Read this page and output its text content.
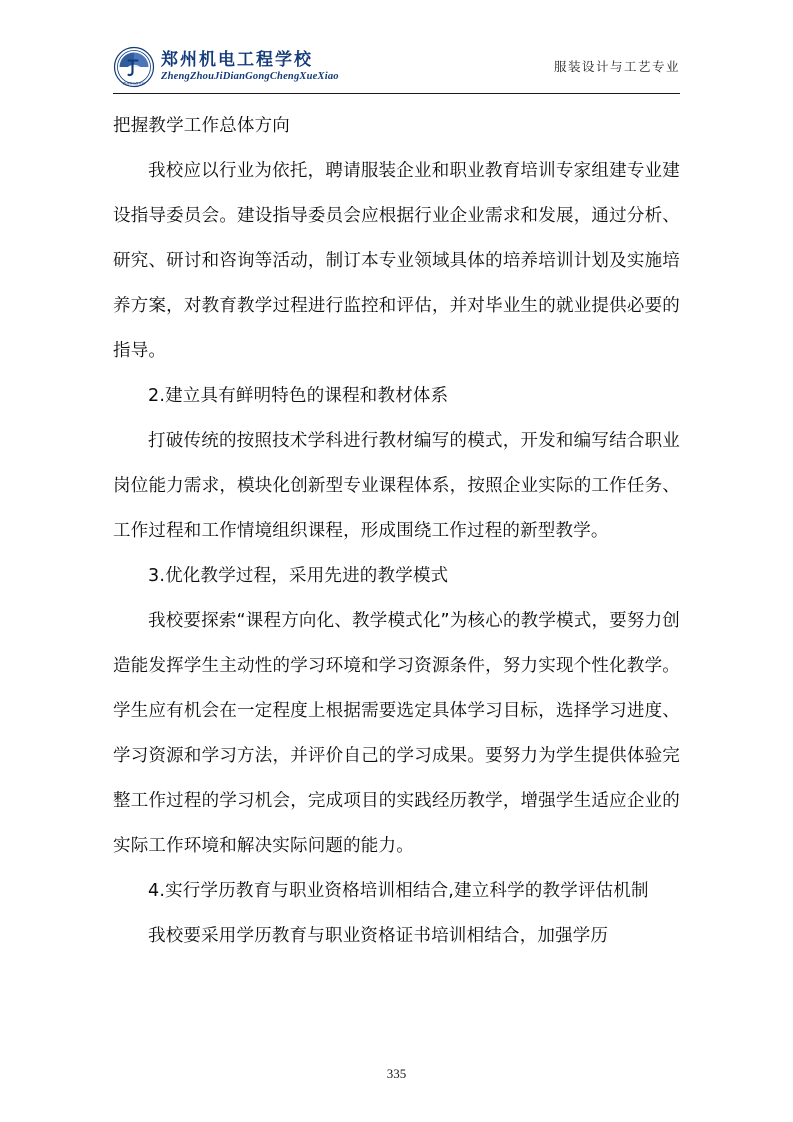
ZHENGZHOU
郑州机电工程学校
ZhengZhouJiDianGongChengXueXiao
服装设计与工艺专业

把握教学工作总体方向

我校应以行业为依托，聘请服装企业和职业教育培训专家组建专业建设指导委员会。建设指导委员会应根据行业企业需求和发展，通过分析、研究、研讨和咨询等活动，制订本专业领域具体的培养培训计划及实施培养方案，对教育教学过程进行监控和评估，并对毕业生的就业提供必要的指导。

2.建立具有鲜明特色的课程和教材体系

打破传统的按照技术学科进行教材编写的模式，开发和编写结合职业岗位能力需求，模块化创新型专业课程体系，按照企业实际的工作任务、工作过程和工作情境组织课程，形成围绕工作过程的新型教学。

3.优化教学过程，采用先进的教学模式

我校要探索“课程方向化、教学模式化”为核心的教学模式，要努力创造能发挥学生主动性的学习环境和学习资源条件，努力实现个性化教学。学生应有机会在一定程度上根据需要选定具体学习目标，选择学习进度、学习资源和学习方法，并评价自己的学习成果。要努力为学生提供体验完整工作过程的学习机会，完成项目的实践经历教学，增强学生适应企业的实际工作环境和解决实际问题的能力。

4.实行学历教育与职业资格培训相结合,建立科学的教学评估机制

我校要采用学历教育与职业资格证书培训相结合，加强学历

335
